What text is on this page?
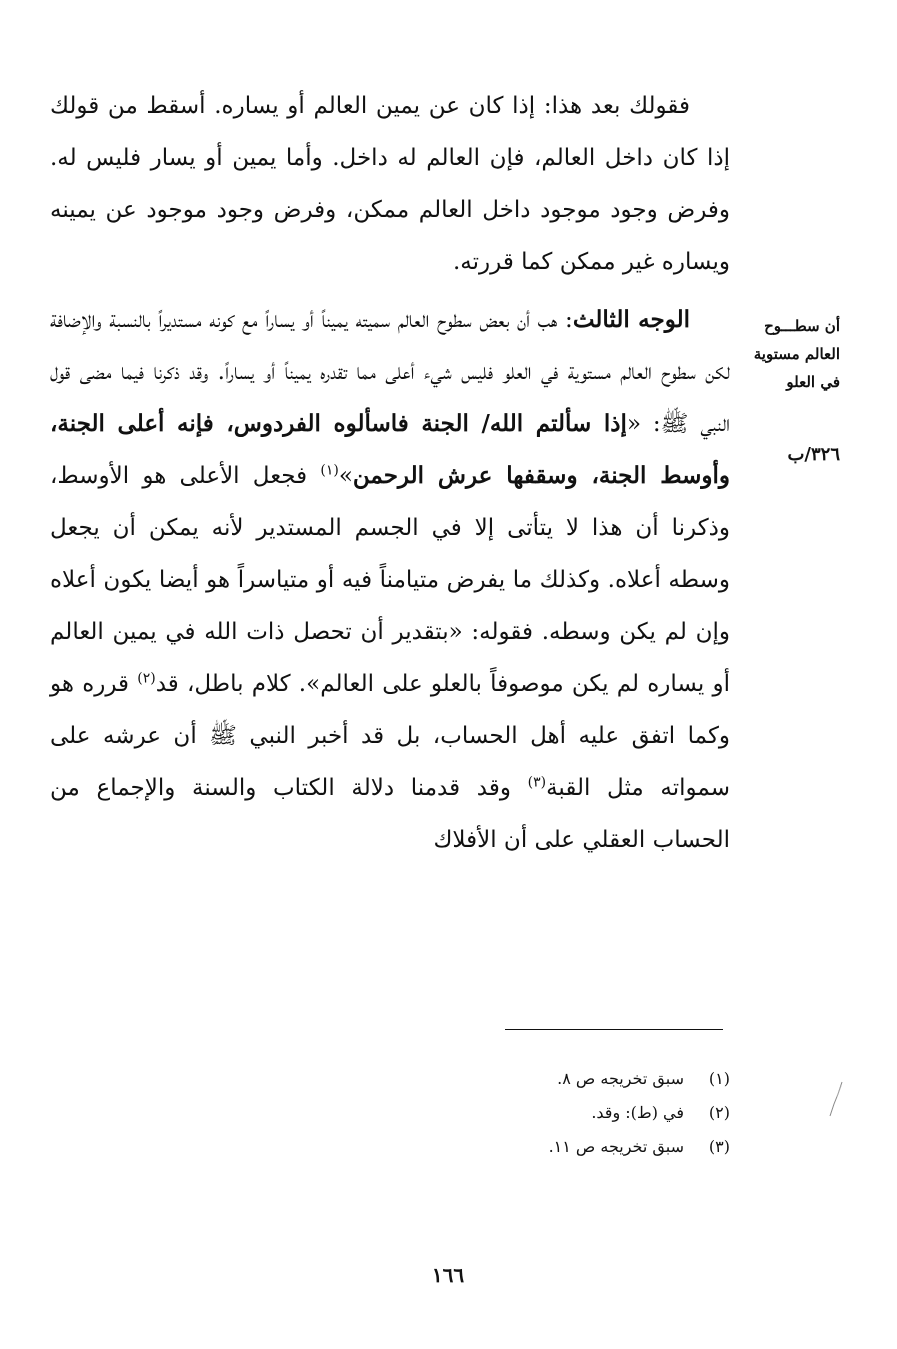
فقولك بعد هذا: إذا كان عن يمين العالم أو يساره. أسقط من قولك إذا كان داخل العالم، فإن العالم له داخل. وأما يمين أو يسار فليس له. وفرض وجود موجود داخل العالم ممكن، وفرض وجود موجود عن يمينه ويساره غير ممكن كما قررته.

الوجه الثالث: هب أن بعض سطوح العالم سميته يميناً أو يساراً مع كونه مستديراً بالنسبة والإضافة لكن سطوح العالم مستوية في العلو فليس شيء أعلى مما تقدره يميناً أو يساراً. وقد ذكرنا فيما مضى قول النبي ﷺ: «إذا سألتم الله/ الجنة فاسألوه الفردوس، فإنه أعلى الجنة، وأوسط الجنة، وسقفها عرش الرحمن»$^{(١)}$ فجعل الأعلى هو الأوسط، وذكرنا أن هذا لا يتأتى إلا في الجسم المستدير لأنه يمكن أن يجعل وسطه أعلاه. وكذلك ما يفرض متيامناً فيه أو متياسراً هو أيضا يكون أعلاه وإن لم يكن وسطه. فقوله: «بتقدير أن تحصل ذات الله في يمين العالم أو يساره لم يكن موصوفاً بالعلو على العالم». كلام باطل، قد$^{(٢)}$ قرره هو وكما اتفق عليه أهل الحساب، بل قد أخبر النبي ﷺ أن عرشه على سمواته مثل القبة$^{(٣)}$ وقد قدمنا دلالة الكتاب والسنة والإجماع من الحساب العقلي على أن الأفلاك

أن سطـــوح
العالم مستوية
في العلو
٣٢٦/ب
(١)سبق تخريجه ص ٨.
(٢)في (ط): وقد.
(٣)سبق تخريجه ص ١١.
١٦٦
